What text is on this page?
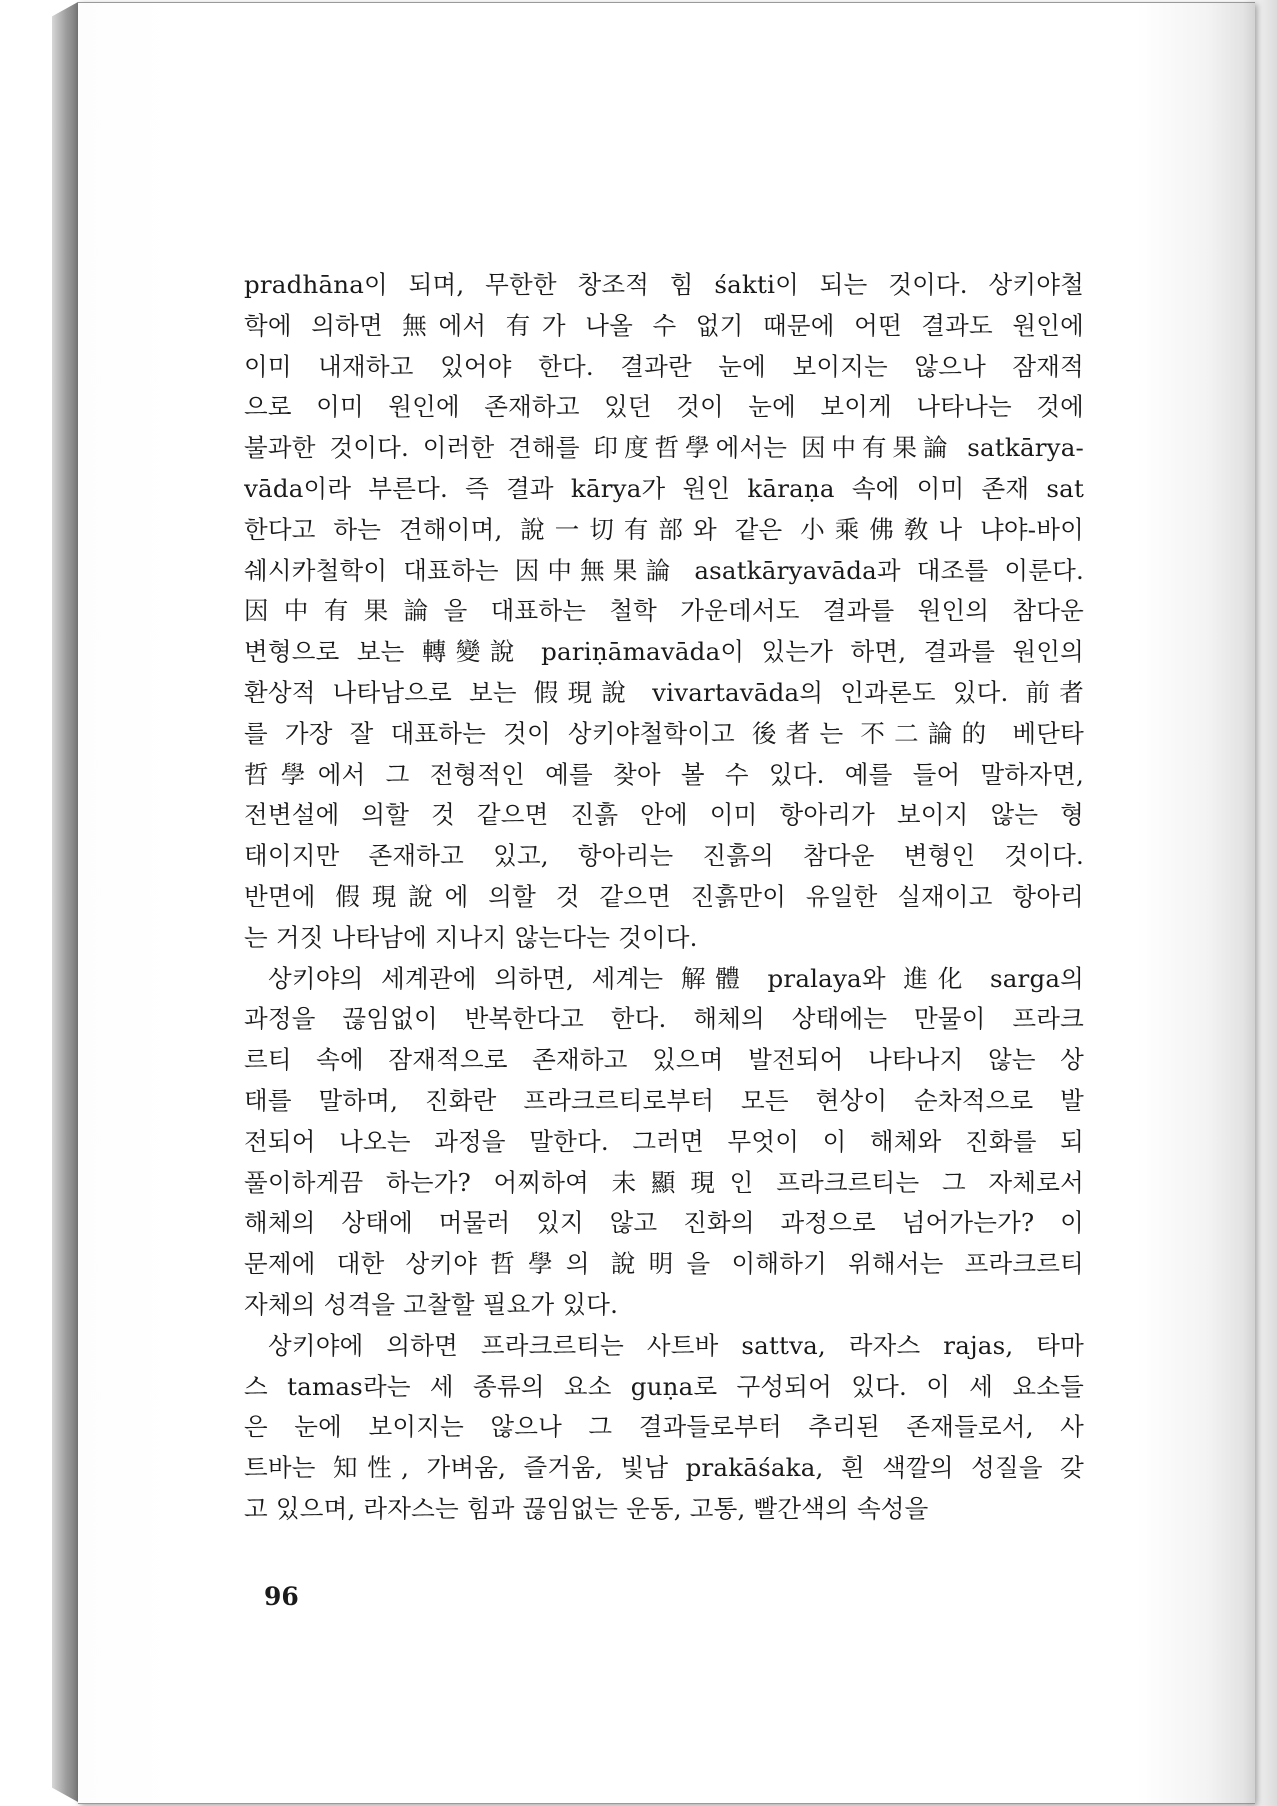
pradhāna이 되며, 무한한 창조적 힘 śakti이 되는 것이다. 상키야철
학에 의하면 無에서 有가 나올 수 없기 때문에 어떤 결과도 원인에
이미 내재하고 있어야 한다. 결과란 눈에 보이지는 않으나 잠재적
으로 이미 원인에 존재하고 있던 것이 눈에 보이게 나타나는 것에
불과한 것이다. 이러한 견해를 印度哲學에서는 因中有果論 satkārya-
vāda이라 부른다. 즉 결과 kārya가 원인 kāraṇa 속에 이미 존재 sat
한다고 하는 견해이며, 說一切有部와 같은 小乘佛敎나 냐야-바이
쉐시카철학이 대표하는 因中無果論 asatkāryavāda과 대조를 이룬다.
因中有果論을 대표하는 철학 가운데서도 결과를 원인의 참다운
변형으로 보는 轉變說 pariṇāmavāda이 있는가 하면, 결과를 원인의
환상적 나타남으로 보는 假現說 vivartavāda의 인과론도 있다. 前者
를 가장 잘 대표하는 것이 상키야철학이고 後者는 不二論的 베단타
哲學에서 그 전형적인 예를 찾아 볼 수 있다. 예를 들어 말하자면,
전변설에 의할 것 같으면 진흙 안에 이미 항아리가 보이지 않는 형
태이지만 존재하고 있고, 항아리는 진흙의 참다운 변형인 것이다.
반면에 假現說에 의할 것 같으면 진흙만이 유일한 실재이고 항아리
는 거짓 나타남에 지나지 않는다는 것이다.
상키야의 세계관에 의하면, 세계는 解體 pralaya와 進化 sarga의
과정을 끊임없이 반복한다고 한다. 해체의 상태에는 만물이 프라크
르티 속에 잠재적으로 존재하고 있으며 발전되어 나타나지 않는 상
태를 말하며, 진화란 프라크르티로부터 모든 현상이 순차적으로 발
전되어 나오는 과정을 말한다. 그러면 무엇이 이 해체와 진화를 되
풀이하게끔 하는가? 어찌하여 未顯現인 프라크르티는 그 자체로서
해체의 상태에 머물러 있지 않고 진화의 과정으로 넘어가는가? 이
문제에 대한 상키야哲學의 說明을 이해하기 위해서는 프라크르티
자체의 성격을 고찰할 필요가 있다.
상키야에 의하면 프라크르티는 사트바 sattva, 라자스 rajas, 타마
스 tamas라는 세 종류의 요소 guṇa로 구성되어 있다. 이 세 요소들
은 눈에 보이지는 않으나 그 결과들로부터 추리된 존재들로서, 사
트바는 知性, 가벼움, 즐거움, 빛남 prakāśaka, 흰 색깔의 성질을 갖
고 있으며, 라자스는 힘과 끊임없는 운동, 고통, 빨간색의 속성을
96
